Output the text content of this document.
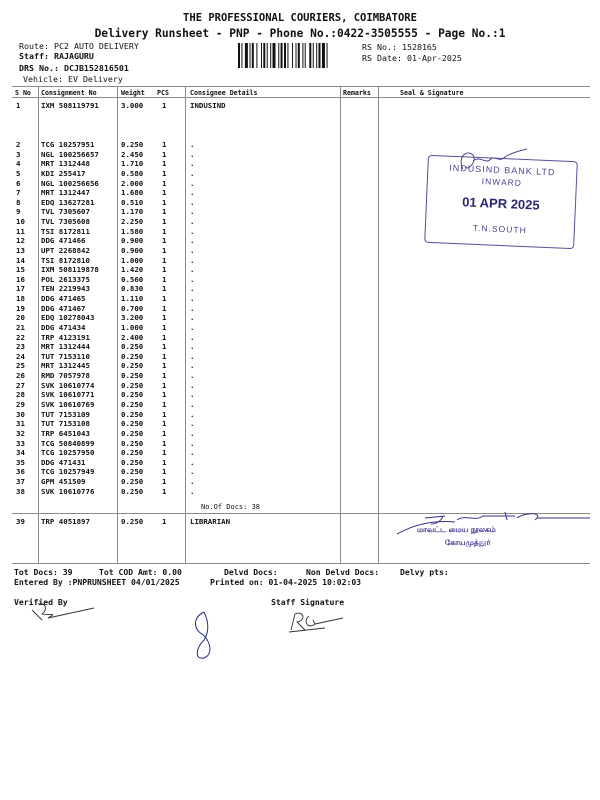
THE PROFESSIONAL COURIERS, COIMBATORE
Delivery Runsheet - PNP - Phone No.:0422-3505555 - Page No.:1
Route: PC2 AUTO DELIVERY
Staff: RAJAGURU
DRS No.: DCJB152816501
Vehicle: EV Delivery
RS No.: 1528165
RS Date: 01-Apr-2025
S No Consignment No	Weight PCS	Consignee Details	Remarks	Seal & Signature
1	IXM 508119791	3.000	1	INDUSIND
2	TCG 10257951	0.250	1	.
3	NGL 100256657	2.450	1	.
4	MRT 1312448	1.710	1	.
5	KDI 255417	0.580	1	.
6	NGL 100256656	2.000	1	.
7	MRT 1312447	1.680	1	.
8	EDQ 13627281	0.510	1	.
9	TVL 7305607	1.170	1	.
10 TVL 7305608	2.250	1	.
11 TSI 8172811	1.580	1	.
12 DDG 471466	0.900	1	.
13 UPT 2268842	0.900	1	.
14 TSI 8172810	1.000	1	.
15 IXM 508119878	1.420	1	.
16 POL 2613375	0.560	1	.
17 TEN 2219943	0.830	1	.
18 DDG 471465	1.110	1	.
19 DDG 471467	0.700	1	.
20 EDQ 10278043	3.200	1	.
21 DDG 471434	1.000	1	.
22 TRP 4123191	2.400	1	.
23 MRT 1312444	0.250	1	.
24 TUT 7153110	0.250	1	.
25 MRT 1312445	0.250	1	.
26 RMD 7057978	0.250	1	.
27 SVK 10610774	0.250	1	.
28 SVK 10610771	0.250	1	.
29 SVK 10610769	0.250	1	.
30 TUT 7153109	0.250	1	.
31 TUT 7153108	0.250	1	.
32 TRP 6451043	0.250	1	.
33 TCG 50840899	0.250	1	.
34 TCG 10257950	0.250	1	.
35 DDG 471431	0.250	1	.
36 TCG 10257949	0.250	1	.
37 GPM 451509	0.250	1	.
38 SVK 10610776	0.250	1	.
No.Of Docs: 38
39 TRP 4051897	0.250	1	LIBRARIAN
INDUSIND BANK LTD
INWARD
01 APR 2025
T.N.SOUTH
மாவட்ட மைய நூலகம்
கோயமுத்தூர்
Tot Docs: 39	Tot COD Amt: 0.00	Delvd Docs:	Non Delvd Docs:	Delvy pts:
Entered By :PNPRUNSHEET 04/01/2025	Printed on: 01-04-2025 10:02:03
Verified By	Staff Signature
